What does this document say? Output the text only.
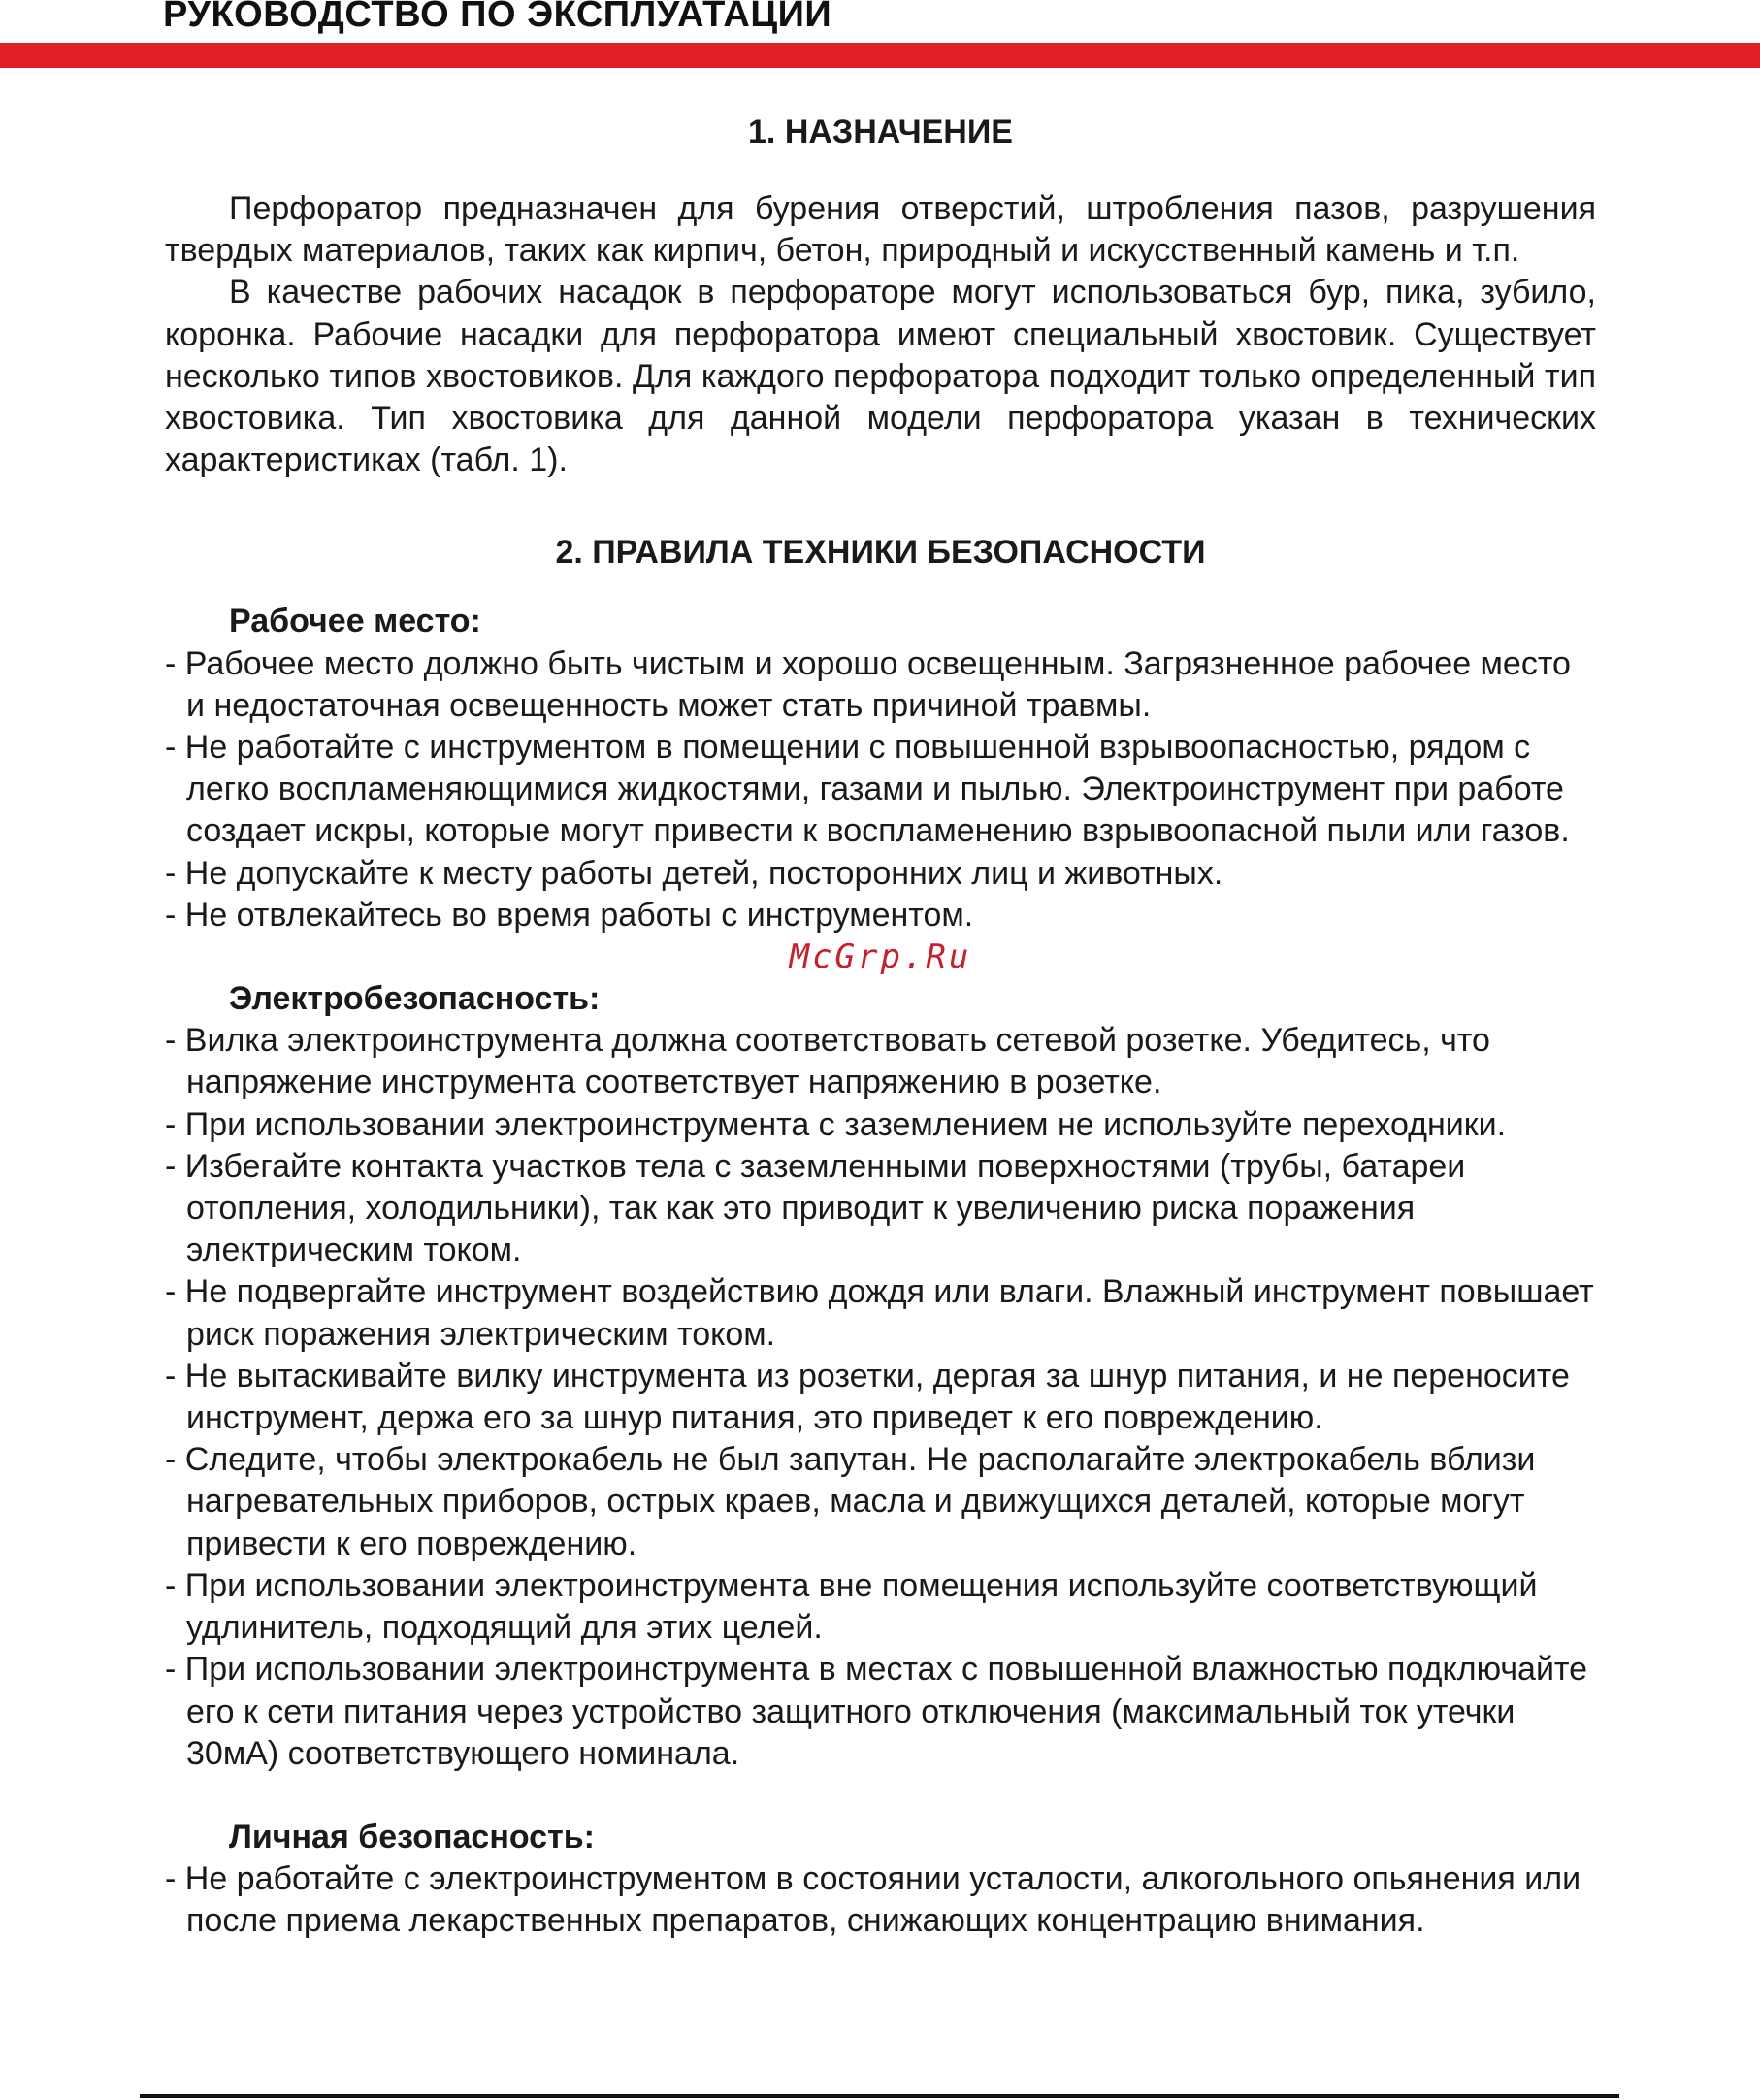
РУКОВОДСТВО ПО ЭКСПЛУАТАЦИИ
1. НАЗНАЧЕНИЕ

Перфоратор предназначен для бурения отверстий, штробления пазов, разрушения твердых материалов, таких как кирпич, бетон, природный и искусственный камень и т.п.

В качестве рабочих насадок в перфораторе могут использоваться бур, пика, зубило, коронка. Рабочие насадки для перфоратора имеют специальный хвостовик. Существует несколько типов хвостовиков. Для каждого перфоратора подходит только определенный тип хвостовика. Тип хвостовика для данной модели перфоратора указан в технических характеристиках (табл. 1).

2. ПРАВИЛА ТЕХНИКИ БЕЗОПАСНОСТИ
Рабочее место:
- Рабочее место должно быть чистым и хорошо освещенным. Загрязненное рабочее место и недостаточная освещенность может стать причиной травмы.
- Не работайте с инструментом в помещении с повышенной взрывоопасностью, рядом с легко воспламеняющимися жидкостями, газами и пылью. Электроинструмент при работе создает искры, которые могут привести к воспламенению взрывоопасной пыли или газов.
- Не допускайте к месту работы детей, посторонних лиц и животных.
- Не отвлекайтесь во время работы с инструментом.
McGrp.Ru
Электробезопасность:
- Вилка электроинструмента должна соответствовать сетевой розетке. Убедитесь, что напряжение инструмента соответствует напряжению в розетке.
- При использовании электроинструмента с заземлением не используйте переходники.
- Избегайте контакта участков тела с заземленными поверхностями (трубы, батареи отопления, холодильники), так как это приводит к увеличению риска поражения электрическим током.
- Не подвергайте инструмент воздействию дождя или влаги. Влажный инструмент повышает риск поражения электрическим током.
- Не вытаскивайте вилку инструмента из розетки, дергая за шнур питания, и не переносите инструмент, держа его за шнур питания, это приведет к его повреждению.
- Следите, чтобы электрокабель не был запутан. Не располагайте электрокабель вблизи нагревательных приборов, острых краев, масла и движущихся деталей, которые могут привести к его повреждению.
- При использовании электроинструмента вне помещения используйте соответствующий удлинитель, подходящий для этих целей.
- При использовании электроинструмента в местах с повышенной влажностью подключайте его к сети питания через устройство защитного отключения (максимальный ток утечки 30мА) соответствующего номинала.
Личная безопасность:
- Не работайте с электроинструментом в состоянии усталости, алкогольного опьянения или после приема лекарственных препаратов, снижающих концентрацию внимания.
